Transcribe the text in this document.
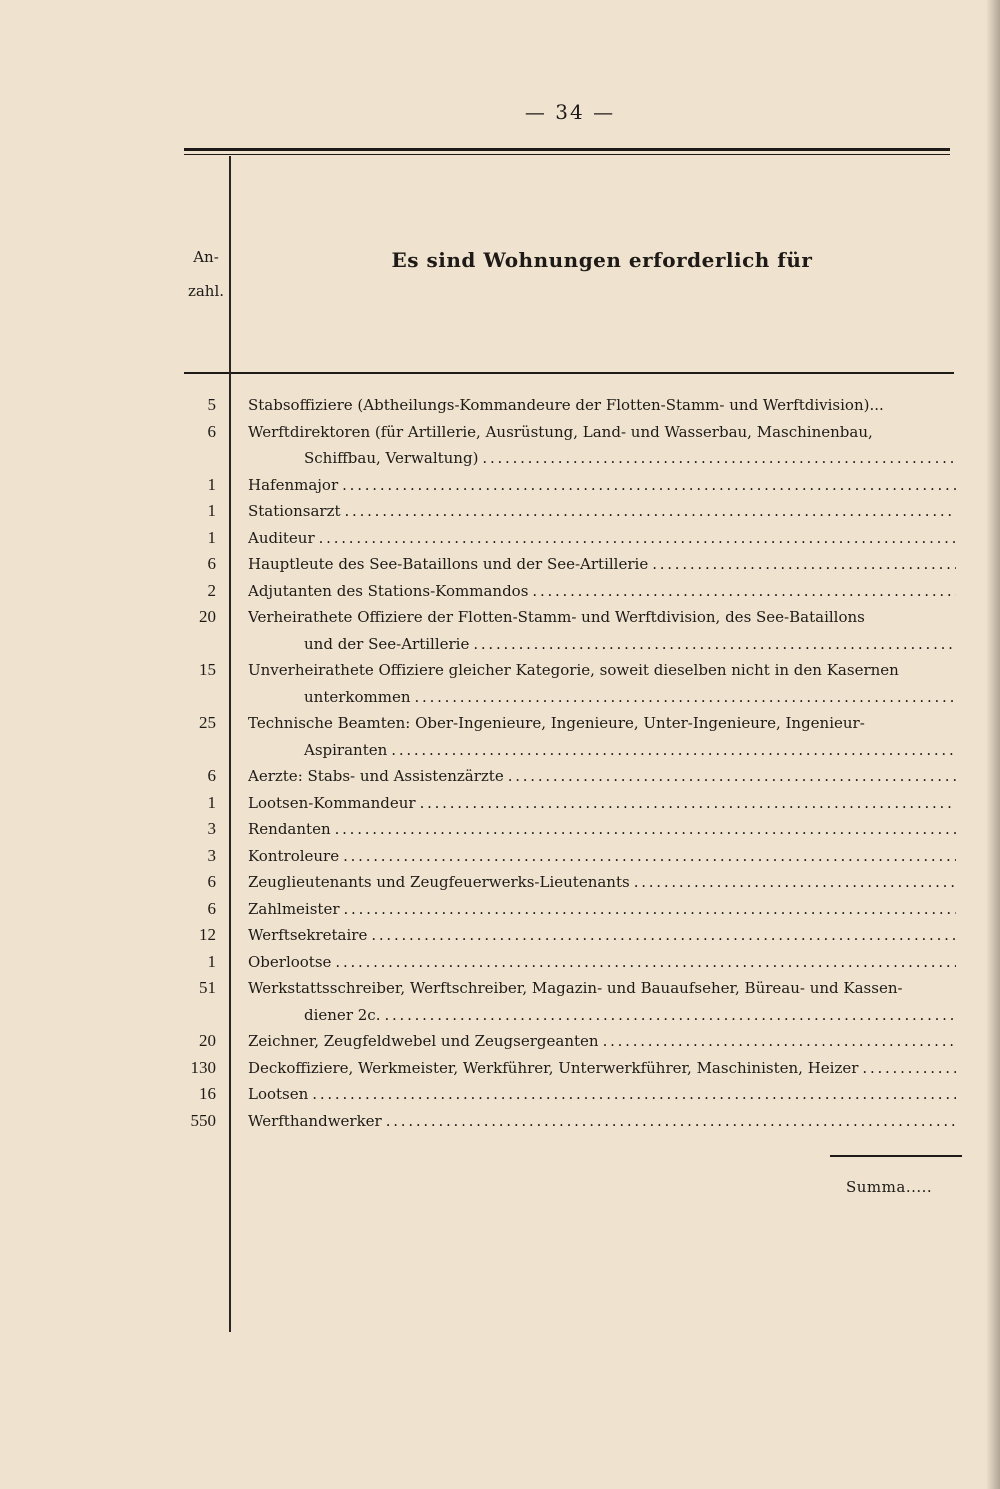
— 34 —
An-
zahl.
Es sind Wohnungen erforderlich für
5 Stabsoffiziere (Abtheilungs-Kommandeure der Flotten-Stamm- und Werftdivision)...
6 Werftdirektoren (für Artillerie, Ausrüstung, Land- und Wasserbau, Maschinenbau,
Schiffbau, Verwaltung)
. . .
1 Hafenmajor
. . .
1 Stationsarzt
. . .
1 Auditeur
. . .
6 Hauptleute des See-Bataillons und der See-Artillerie
. . .
2 Adjutanten des Stations-Kommandos
. . .
20 Verheirathete Offiziere der Flotten-Stamm- und Werftdivision, des See-Bataillons
und der See-Artillerie
. . .
15 Unverheirathete Offiziere gleicher Kategorie, soweit dieselben nicht in den Kasernen
unterkommen
. . .
25 Technische Beamten: Ober-Ingenieure, Ingenieure, Unter-Ingenieure, Ingenieur-
Aspiranten
. . .
6 Aerzte: Stabs- und Assistenzärzte
. . .
1 Lootsen-Kommandeur
. . .
3 Rendanten
. . .
3 Kontroleure
. . .
6 Zeuglieutenants und Zeugfeuerwerks-Lieutenants
. . .
6 Zahlmeister
. . .
12 Werftsekretaire
. . .
1 Oberlootse
. . .
51 Werkstattsschreiber, Werftschreiber, Magazin- und Bauaufseher, Büreau- und Kassen-
diener 2c.
. . .
20 Zeichner, Zeugfeldwebel und Zeugsergeanten
. . .
130 Deckoffiziere, Werkmeister, Werkführer, Unterwerkführer, Maschinisten, Heizer
. . .
16 Lootsen
. . .
550 Werfthandwerker
. . .
Summa.....
